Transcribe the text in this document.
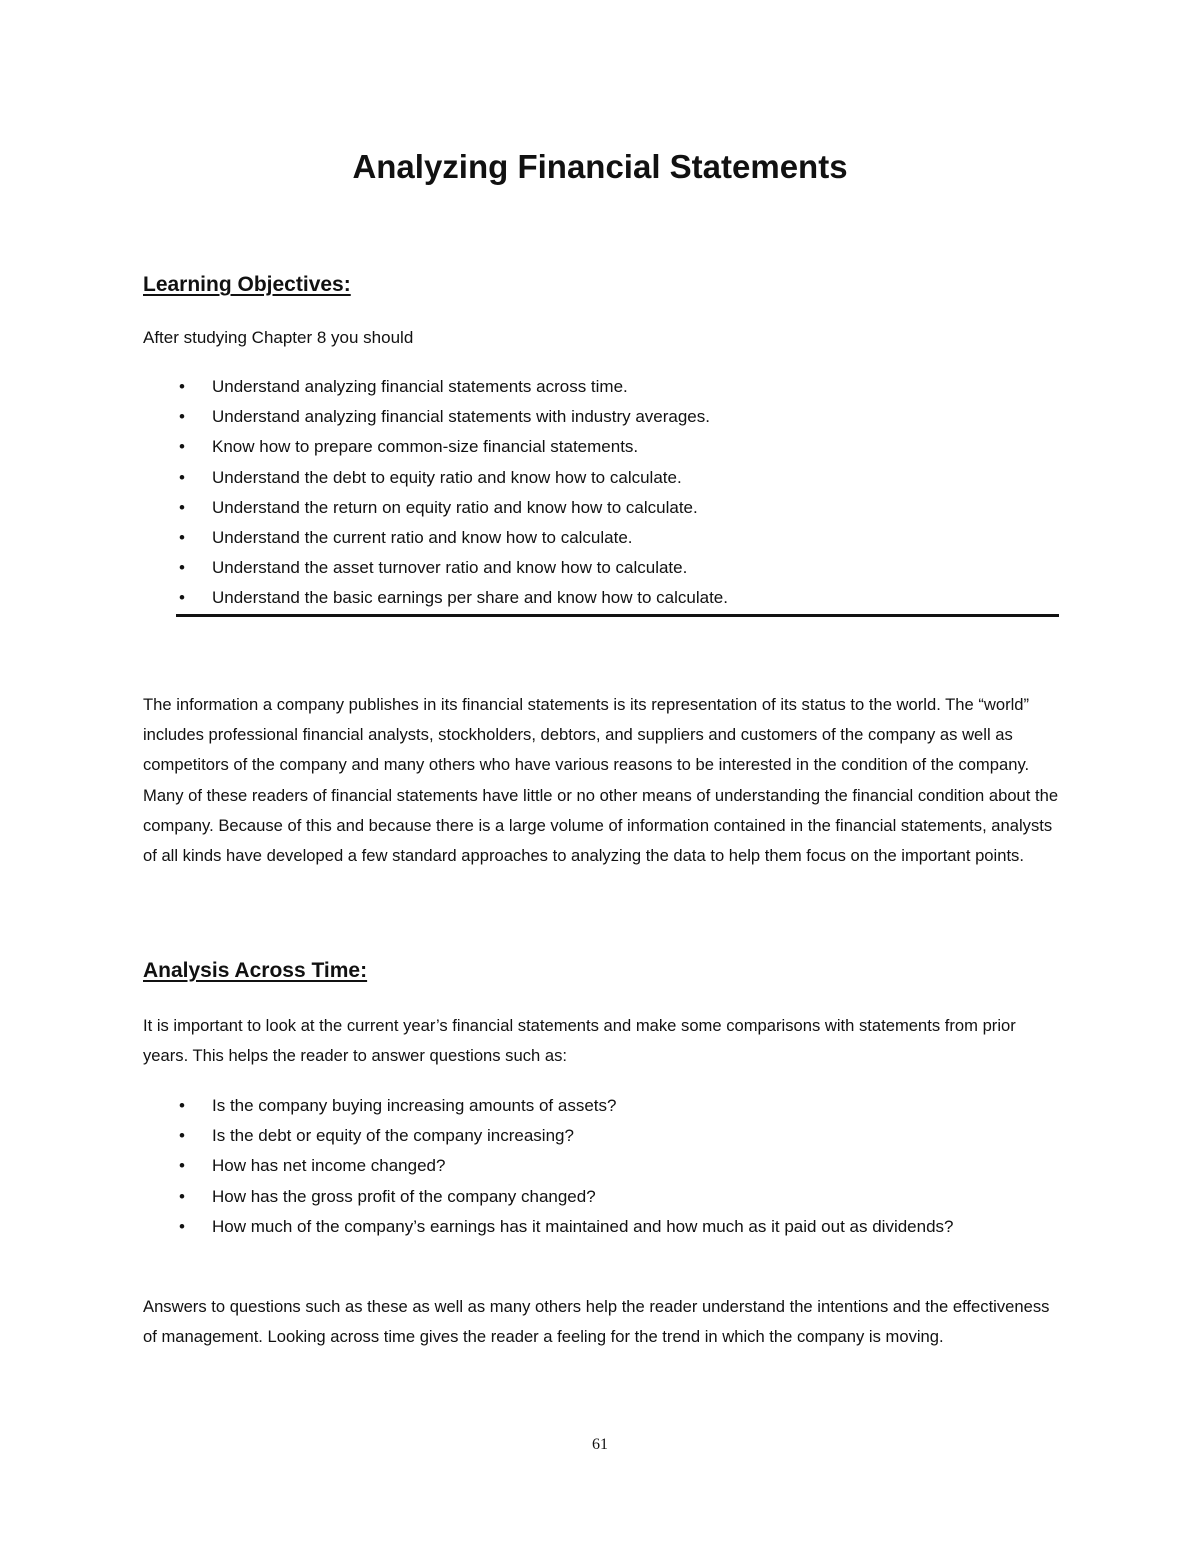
Analyzing Financial Statements
Learning Objectives:

After studying Chapter 8 you should

• Understand analyzing financial statements across time.
• Understand analyzing financial statements with industry averages.
• Know how to prepare common-size financial statements.
• Understand the debt to equity ratio and know how to calculate.
• Understand the return on equity ratio and know how to calculate.
• Understand the current ratio and know how to calculate.
• Understand the asset turnover ratio and know how to calculate.
• Understand the basic earnings per share and know how to calculate.

The information a company publishes in its financial statements is its representation of its status to the world. The “world” includes professional financial analysts, stockholders, debtors, and suppliers and customers of the company as well as competitors of the company and many others who have various reasons to be interested in the condition of the company. Many of these readers of financial statements have little or no other means of understanding the financial condition about the company. Because of this and because there is a large volume of information contained in the financial statements, analysts of all kinds have developed a few standard approaches to analyzing the data to help them focus on the important points.

Analysis Across Time:

It is important to look at the current year’s financial statements and make some comparisons with statements from prior years. This helps the reader to answer questions such as:

• Is the company buying increasing amounts of assets?
• Is the debt or equity of the company increasing?
• How has net income changed?
• How has the gross profit of the company changed?
• How much of the company’s earnings has it maintained and how much as it paid out as dividends?

Answers to questions such as these as well as many others help the reader understand the intentions and the effectiveness of management. Looking across time gives the reader a feeling for the trend in which the company is moving.

61
